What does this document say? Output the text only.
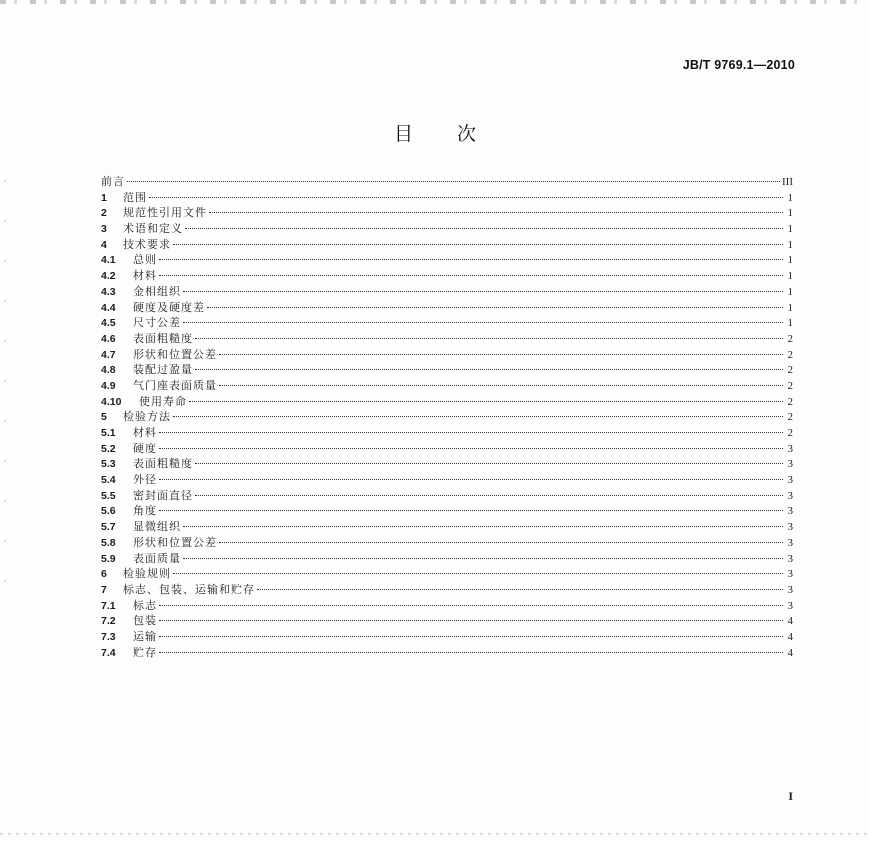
JB/T 9769.1—2010
目次
前言	III
1	范围	1
2	规范性引用文件	1
3	术语和定义	1
4	技术要求	1
4.1	总则	1
4.2	材料	1
4.3	金相组织	1
4.4	硬度及硬度差	1
4.5	尺寸公差	1
4.6	表面粗糙度	2
4.7	形状和位置公差	2
4.8	装配过盈量	2
4.9	气门座表面质量	2
4.10	使用寿命	2
5	检验方法	2
5.1	材料	2
5.2	硬度	3
5.3	表面粗糙度	3
5.4	外径	3
5.5	密封面直径	3
5.6	角度	3
5.7	显微组织	3
5.8	形状和位置公差	3
5.9	表面质量	3
6	检验规则	3
7	标志、包装、运输和贮存	3
7.1	标志	3
7.2	包装	4
7.3	运输	4
7.4	贮存	4
I
